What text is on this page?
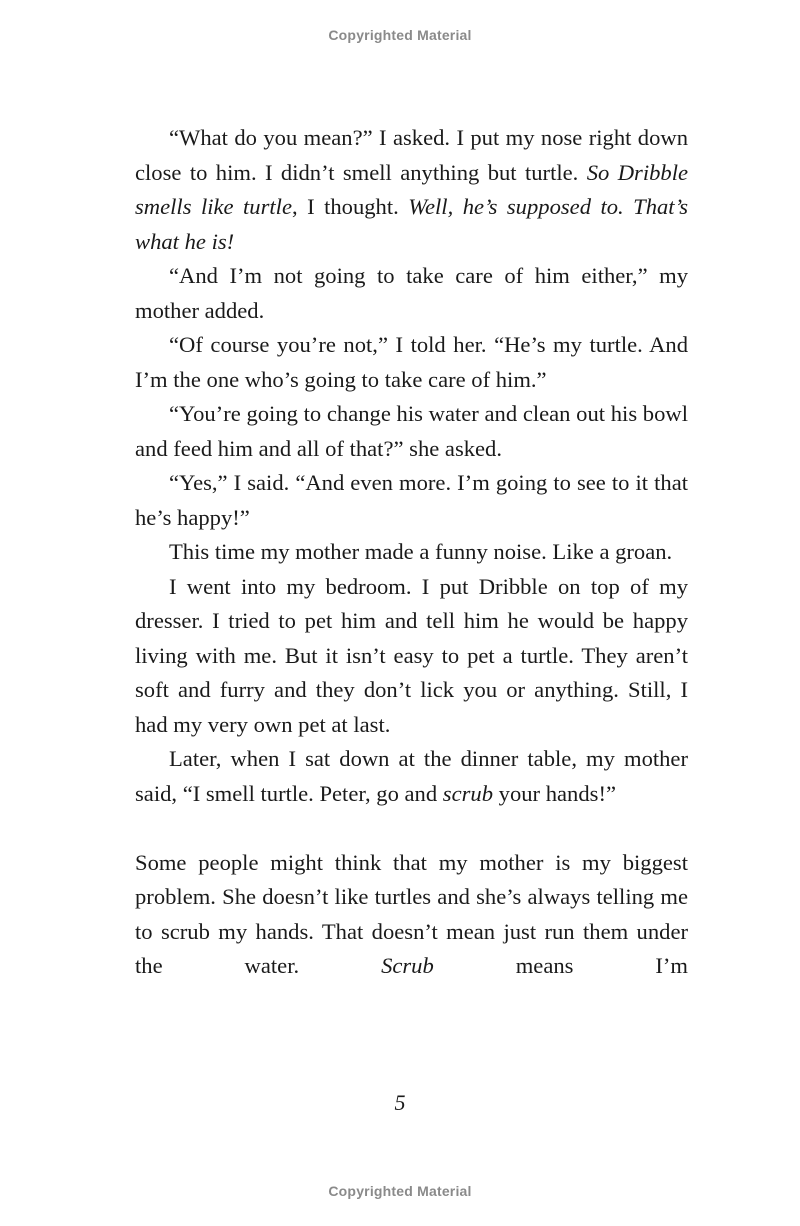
Copyrighted Material

“What do you mean?” I asked. I put my nose right down close to him. I didn’t smell anything but turtle. So Dribble smells like turtle, I thought. Well, he’s supposed to. That’s what he is!

“And I’m not going to take care of him either,” my mother added.

“Of course you’re not,” I told her. “He’s my turtle. And I’m the one who’s going to take care of him.”

“You’re going to change his water and clean out his bowl and feed him and all of that?” she asked.

“Yes,” I said. “And even more. I’m going to see to it that he’s happy!”

This time my mother made a funny noise. Like a groan.

I went into my bedroom. I put Dribble on top of my dresser. I tried to pet him and tell him he would be happy living with me. But it isn’t easy to pet a turtle. They aren’t soft and furry and they don’t lick you or anything. Still, I had my very own pet at last.

Later, when I sat down at the dinner table, my mother said, “I smell turtle. Peter, go and scrub your hands!”

Some people might think that my mother is my biggest problem. She doesn’t like turtles and she’s always telling me to scrub my hands. That doesn’t mean just run them under the water. Scrub means I’m

5
Copyrighted Material
